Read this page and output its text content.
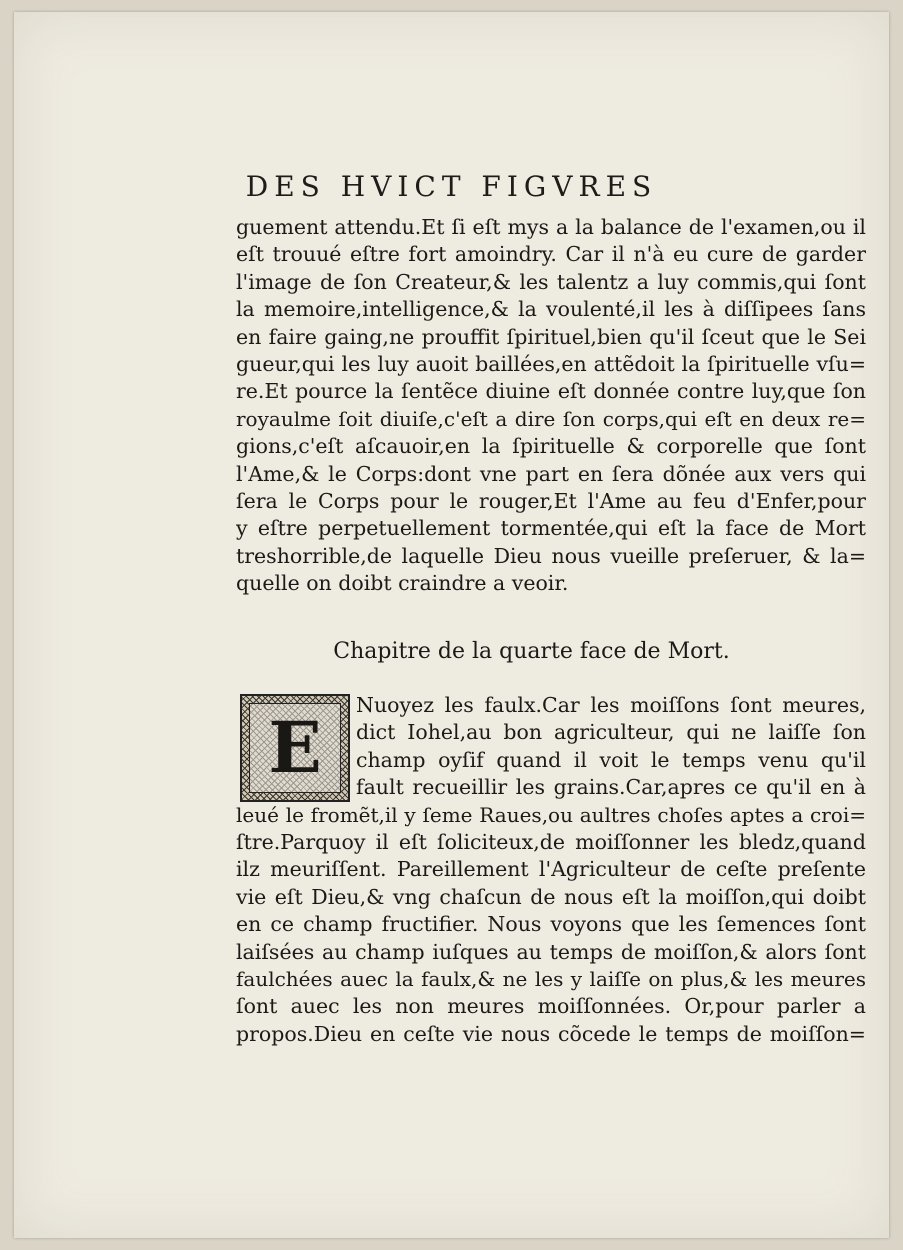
DES HVICT FIGVRES
guement attendu.Et ſi eſt mys a la balance de l'examen,ou il
eſt trouué eſtre fort amoindry. Car il n'à eu cure de garder
l'image de ſon Createur,& les talentz a luy commis,qui ſont
la memoire,intelligence,& la voulenté,il les à diſſipees ſans
en faire gaing,ne prouffit ſpirituel,bien qu'il ſceut que le Sei
gueur,qui les luy auoit baillées,en attẽdoit la ſpirituelle vſu=
re.Et pource la ſentẽce diuine eſt donnée contre luy,que ſon
royaulme ſoit diuiſe,c'eſt a dire ſon corps,qui eſt en deux re=
gions,c'eſt aſcauoir,en la ſpirituelle & corporelle que ſont
l'Ame,& le Corps:dont vne part en ſera dõnée aux vers qui
ſera le Corps pour le rouger,Et l'Ame au feu d'Enfer,pour
y eſtre perpetuellement tormentée,qui eſt la face de Mort
treshorrible,de laquelle Dieu nous vueille preſeruer, & la=
quelle on doibt craindre a veoir.
Chapitre de la quarte face de Mort.
E
Nuoyez les faulx.Car les moiſſons ſont meures,
dict Iohel,au bon agriculteur, qui ne laiſſe ſon
champ oyſif quand il voit le temps venu qu'il
fault recueillir les grains.Car,apres ce qu'il en à
leué le fromẽt,il y ſeme Raues,ou aultres choſes aptes a croi=
ſtre.Parquoy il eſt ſoliciteux,de moiſſonner les bledz,quand
ilz meuriſſent. Pareillement l'Agriculteur de ceſte preſente
vie eſt Dieu,& vng chaſcun de nous eſt la moiſſon,qui doibt
en ce champ fructifier. Nous voyons que les ſemences ſont
laiſsées au champ iuſques au temps de moiſſon,& alors ſont
faulchées auec la faulx,& ne les y laiſſe on plus,& les meures
ſont auec les non meures moiſſonnées. Or,pour parler a
propos.Dieu en ceſte vie nous cõcede le temps de moiſſon=
